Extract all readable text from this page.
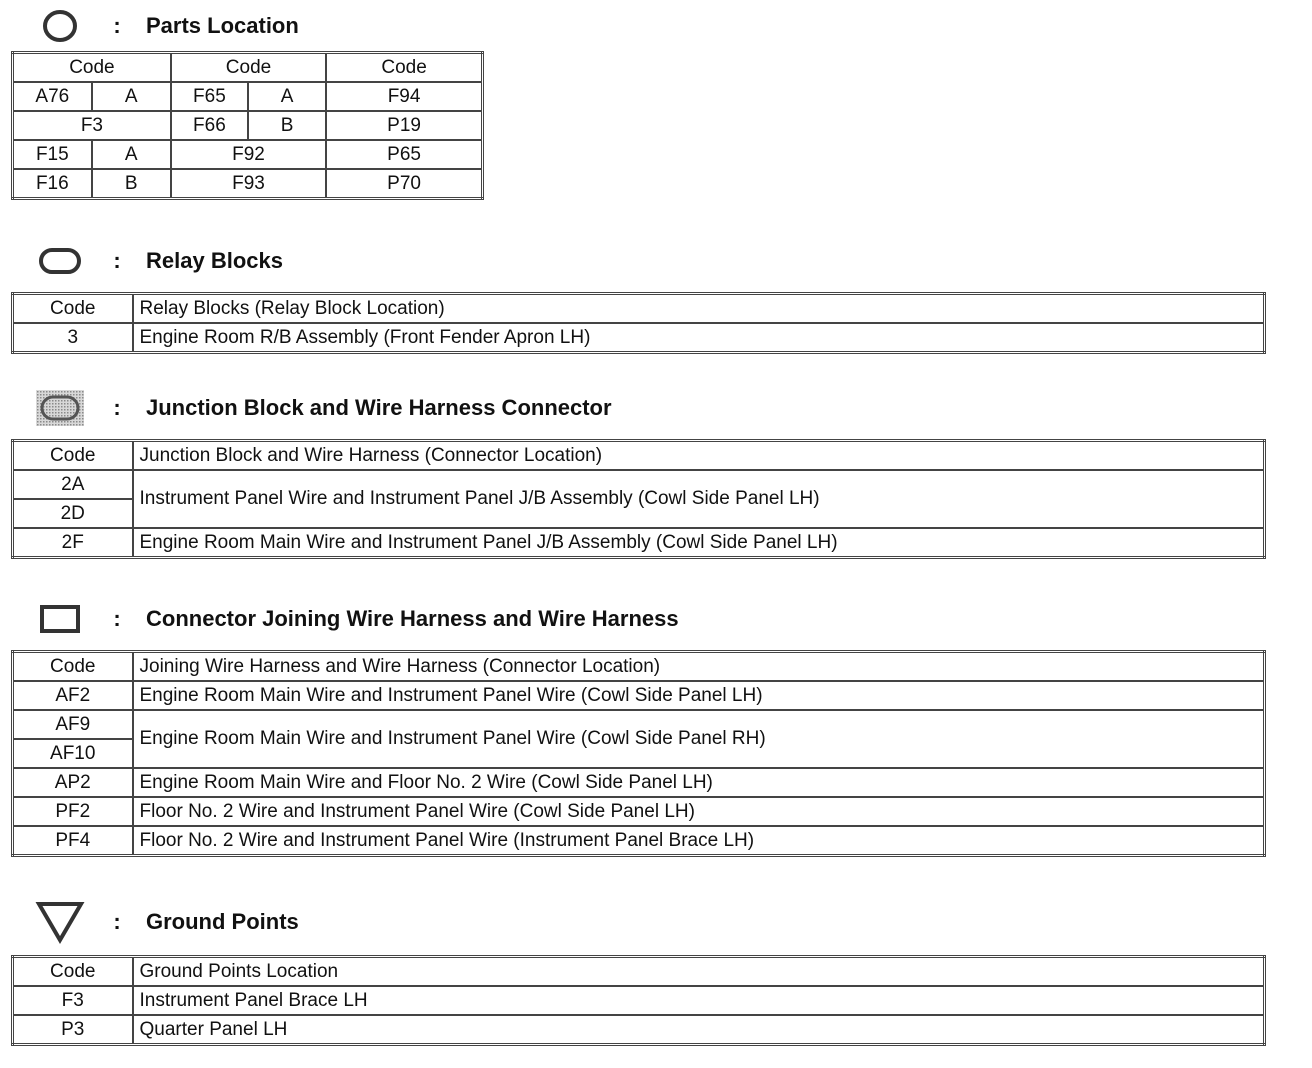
:	Parts Location
Code		Code		Code
A76	A	F65	A	F94
F3		F66	B	P19
F15	A	F92		P65
F16	B	F93		P70
:	Relay Blocks
Code	Relay Blocks (Relay Block Location)
3	Engine Room R/B Assembly (Front Fender Apron LH)
:	Junction Block and Wire Harness Connector
Code	Junction Block and Wire Harness (Connector Location)
2A	Instrument Panel Wire and Instrument Panel J/B Assembly (Cowl Side Panel LH)
2D	
2F	Engine Room Main Wire and Instrument Panel J/B Assembly (Cowl Side Panel LH)
:	Connector Joining Wire Harness and Wire Harness
Code	Joining Wire Harness and Wire Harness (Connector Location)
AF2	Engine Room Main Wire and Instrument Panel Wire (Cowl Side Panel LH)
AF9	Engine Room Main Wire and Instrument Panel Wire (Cowl Side Panel RH)
AF10	
AP2	Engine Room Main Wire and Floor No. 2 Wire (Cowl Side Panel LH)
PF2	Floor No. 2 Wire and Instrument Panel Wire (Cowl Side Panel LH)
PF4	Floor No. 2 Wire and Instrument Panel Wire (Instrument Panel Brace LH)
:	Ground Points
Code	Ground Points Location
F3	Instrument Panel Brace LH
P3	Quarter Panel LH
